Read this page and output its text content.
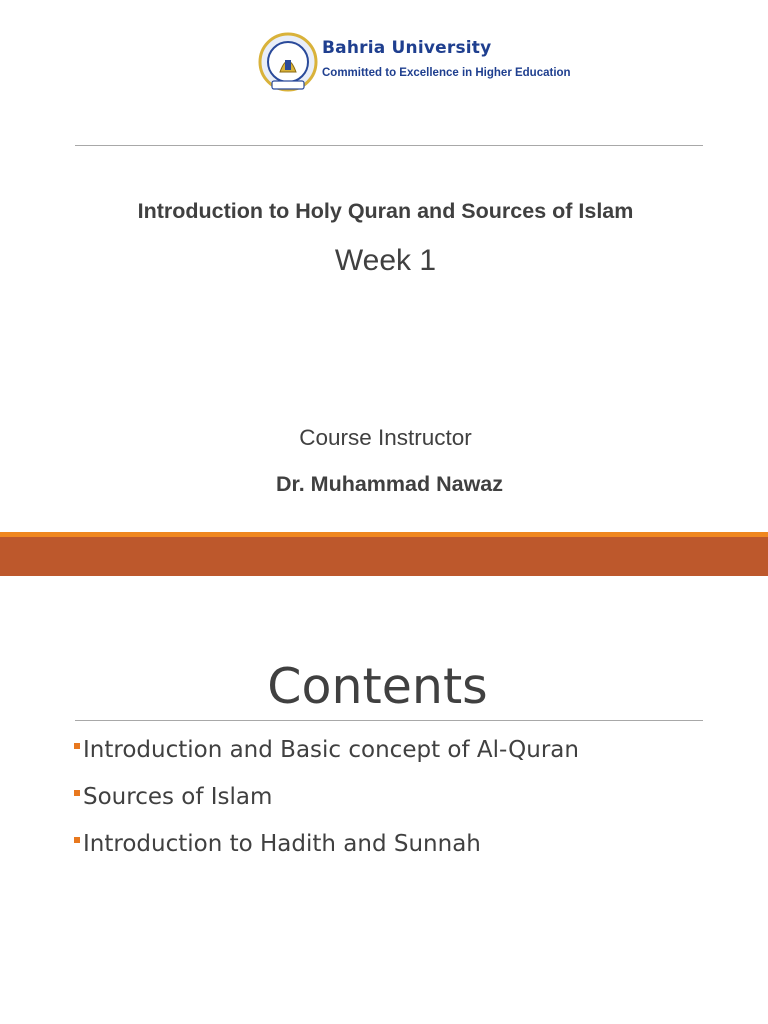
Bahria University
Committed to Excellence in Higher Education
Introduction to Holy Quran and Sources of Islam
Week 1
Course Instructor
Dr. Muhammad Nawaz
Contents
Introduction and Basic concept of Al-Quran
Sources of Islam
Introduction to Hadith and Sunnah
